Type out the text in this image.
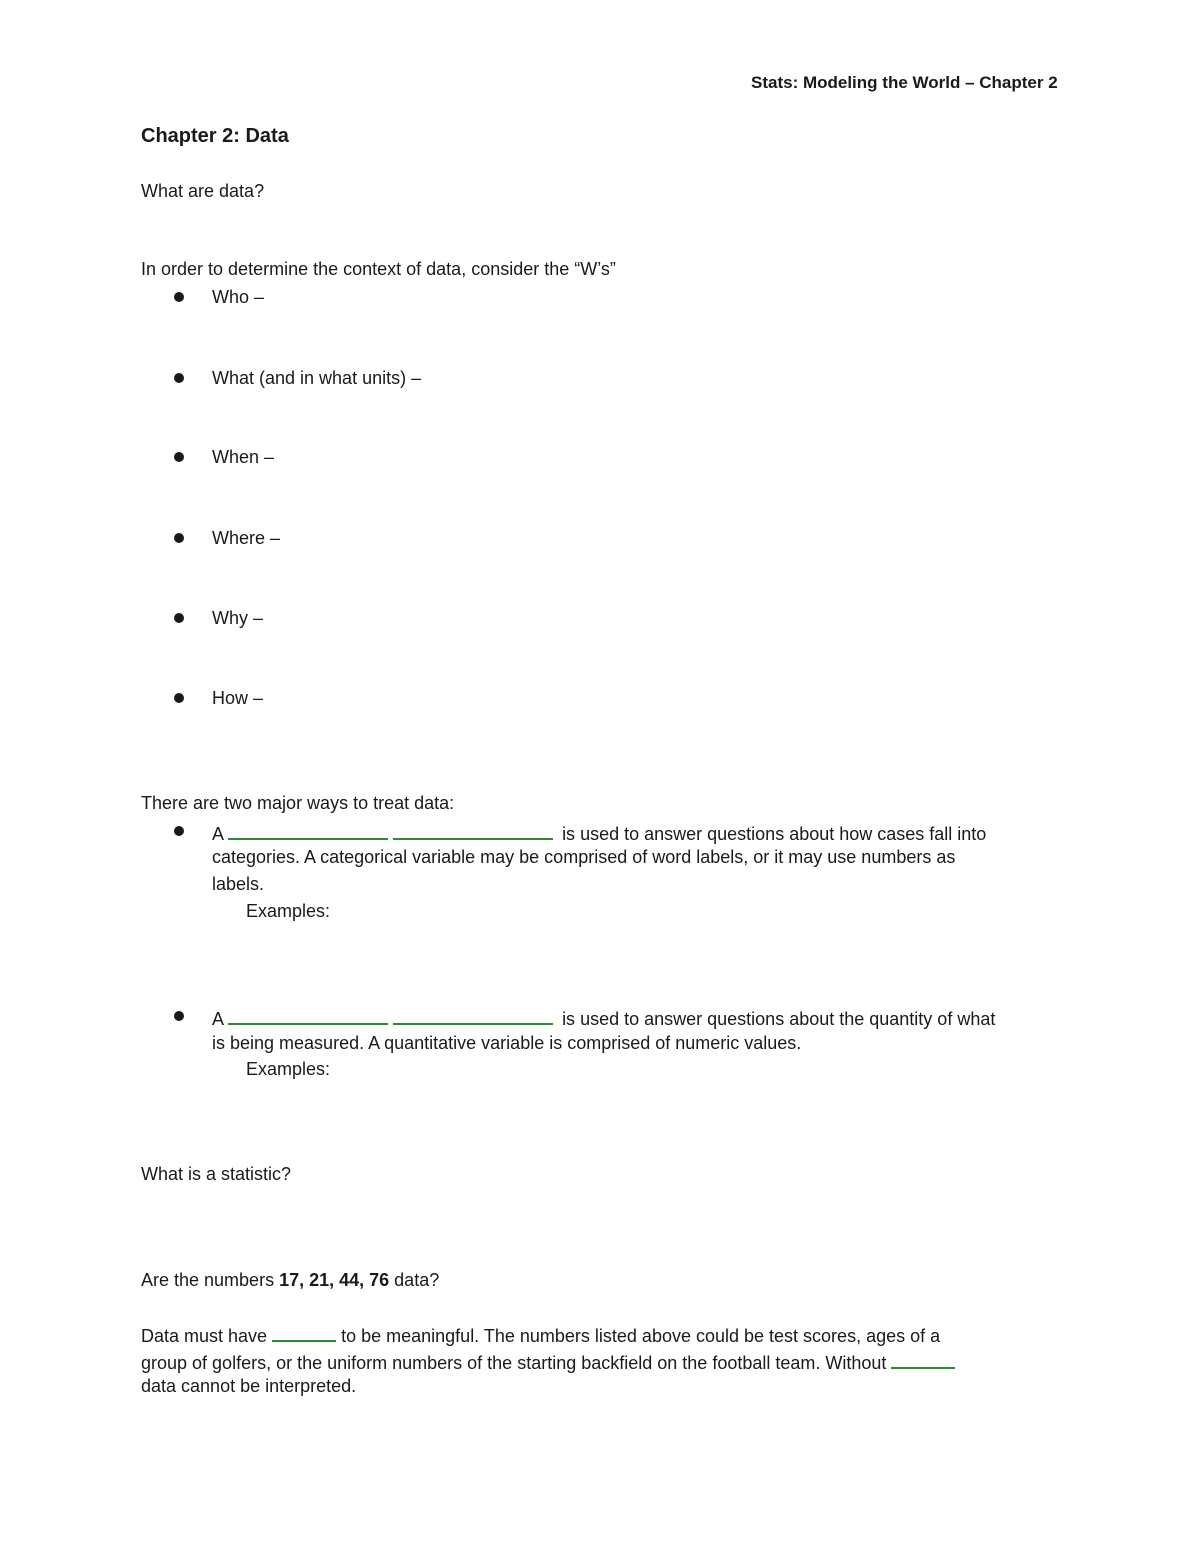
Stats: Modeling the World – Chapter 2
Chapter 2: Data
What are data?
In order to determine the context of data, consider the “W’s”
Who –
What (and in what units) –
When –
Where –
Why –
How –
There are two major ways to treat data:
A	is used to answer questions about how cases fall into
categories. A categorical variable may be comprised of word labels, or it may use numbers as
labels.
Examples:
A	is used to answer questions about the quantity of what
is being measured. A quantitative variable is comprised of numeric values.
Examples:
What is a statistic?
Are the numbers 17, 21, 44, 76 data?
Data must have	to be meaningful. The numbers listed above could be test scores, ages of a
group of golfers, or the uniform numbers of the starting backfield on the football team. Without
data cannot be interpreted.
